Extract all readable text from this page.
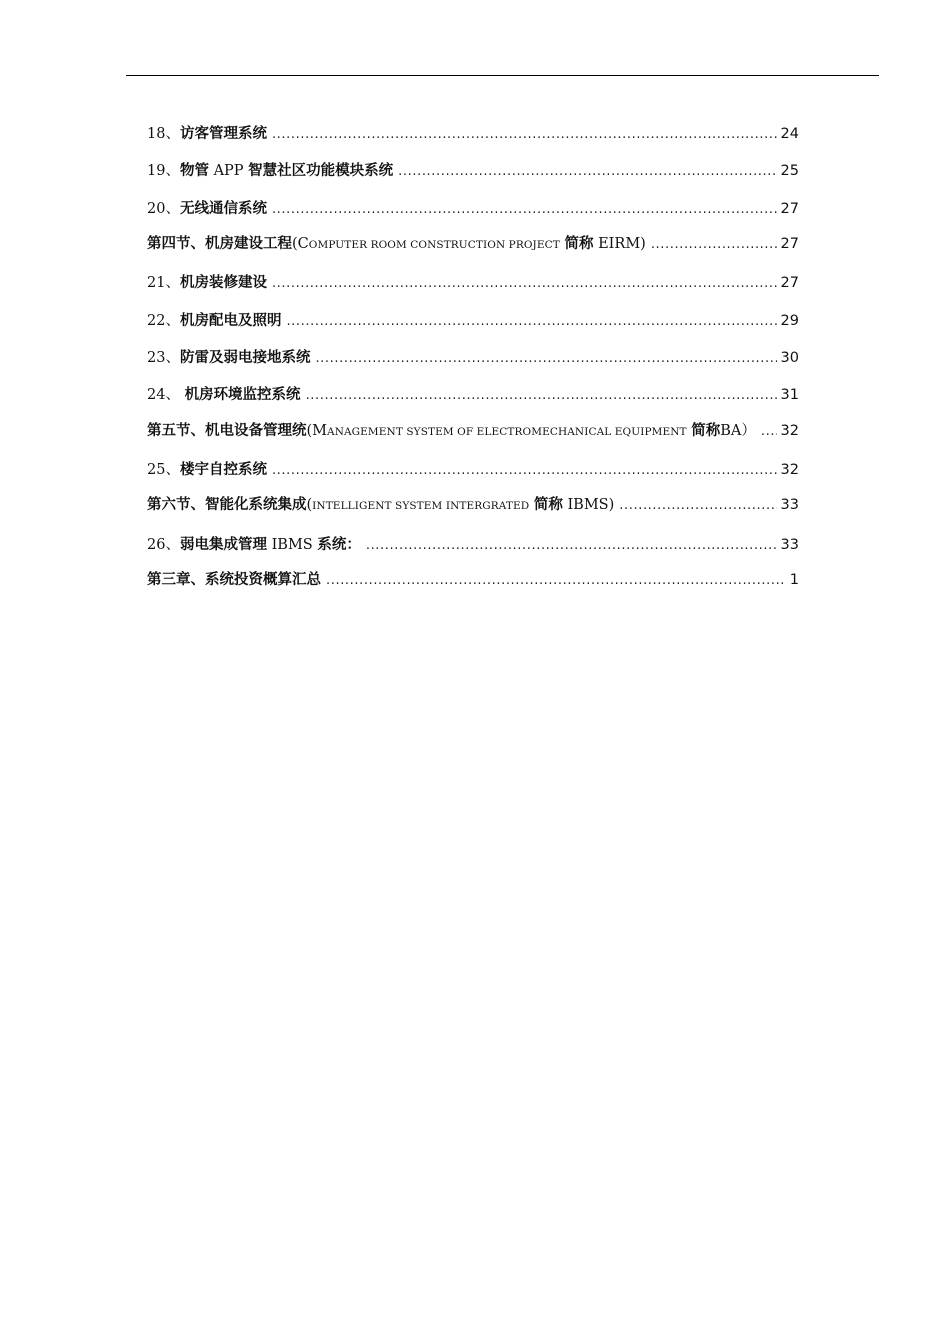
18、访客管理系统 .....	24
19、物管 APP 智慧社区功能模块系统 .....	25
20、无线通信系统 .....	27
第四节、机房建设工程(COMPUTER ROOM CONSTRUCTION PROJECT 简称 EIRM) .....	27
21、机房装修建设 .....	27
22、机房配电及照明 .....	29
23、防雷及弱电接地系统 .....	30
24、 机房环境监控系统 .....	31
第五节、机电设备管理统(MANAGEMENT SYSTEM OF ELECTROMECHANICAL EQUIPMENT 简称BA） ..... 32
25、楼宇自控系统 .....	32
第六节、智能化系统集成(INTELLIGENT SYSTEM INTERGRATED 简称 IBMS) .....	33
26、弱电集成管理 IBMS 系统： .....	33
第三章、系统投资概算汇总 .....	1
